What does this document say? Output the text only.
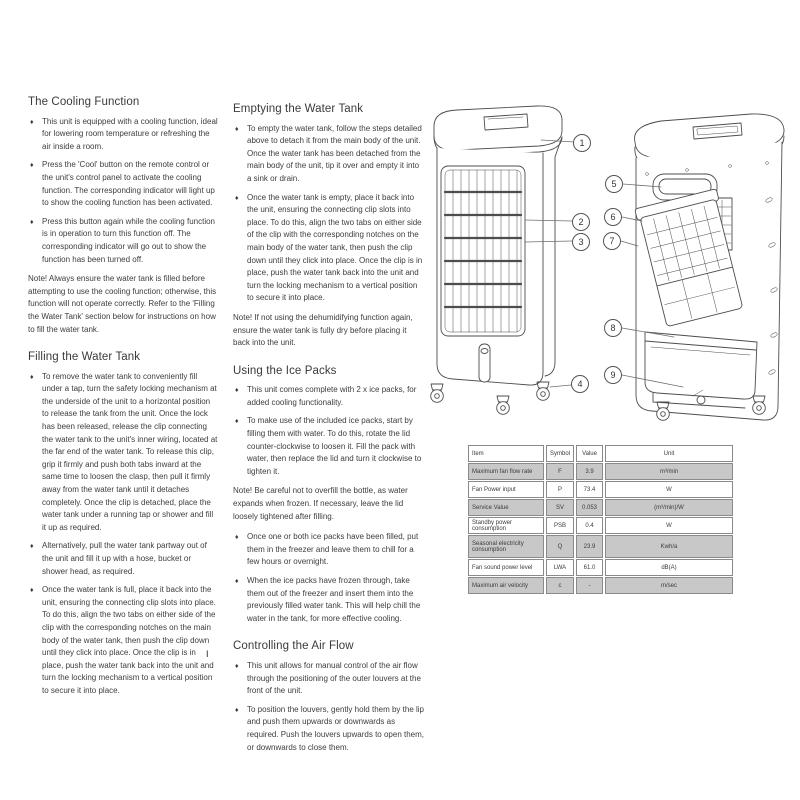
The Cooling Function
♦ This unit is equipped with a cooling function, ideal for lowering room temperature or refreshing the air inside a room.
♦ Press the 'Cool' button on the remote control or the unit's control panel to activate the cooling function. The corresponding indicator will light up to show the cooling function has been activated.
♦ Press this button again while the cooling function is in operation to turn this function off. The corresponding indicator will go out to show the function has been turned off.

Note! Always ensure the water tank is filled before attempting to use the cooling function; otherwise, this function will not operate correctly. Refer to the 'Filling the Water Tank' section below for instructions on how to fill the water tank.

Filling the Water Tank
♦ To remove the water tank to conveniently fill under a tap, turn the safety locking mechanism at the underside of the unit to a horizontal position to release the tank from the unit. Once the lock has been released, release the clip connecting the water tank to the unit's inner wiring, located at the far end of the water tank. To release this clip, grip it firmly and push both tabs inward at the same time to loosen the clasp, then pull it firmly away from the water tank until it detaches completely. Once the clip is detached, place the water tank under a running tap or shower and fill it up as required.
♦ Alternatively, pull the water tank partway out of the unit and fill it up with a hose, bucket or shower head, as required.
♦ Once the water tank is full, place it back into the unit, ensuring the connecting clip slots into place. To do this, align the two tabs on either side of the clip with the corresponding notches on the main body of the water tank, then push the clip down until they click into place. Once the clip is in place, push the water tank back into the unit and turn the locking mechanism to a vertical position to secure it into place.
Emptying the Water Tank
♦ To empty the water tank, follow the steps detailed above to detach it from the main body of the unit. Once the water tank has been detached from the main body of the unit, tip it over and empty it into a sink or drain.
♦ Once the water tank is empty, place it back into the unit, ensuring the connecting clip slots into place. To do this, align the two tabs on either side of the clip with the corresponding notches on the main body of the water tank, then push the clip down until they click into place. Once the clip is in place, push the water tank back into the unit and turn the locking mechanism to a vertical position to secure it into place.

Note! If not using the dehumidifying function again, ensure the water tank is fully dry before placing it back into the unit.

Using the Ice Packs
♦ This unit comes complete with 2 x ice packs, for added cooling functionality.
♦ To make use of the included ice packs, start by filling them with water. To do this, rotate the lid counter-clockwise to loosen it. Fill the pack with water, then replace the lid and turn it clockwise to tighten it.

Note! Be careful not to overfill the bottle, as water expands when frozen. If necessary, leave the lid loosely tightened after filling.

♦ Once one or both ice packs have been filled, put them in the freezer and leave them to chill for a few hours or overnight.
♦ When the ice packs have frozen through, take them out of the freezer and insert them into the previously filled water tank. This will help chill the water in the tank, for more effective cooling.
Controlling the Air Flow
♦ This unit allows for manual control of the air flow through the positioning of the outer louvers at the front of the unit.
♦ To position the louvers, gently hold them by the lip and push them upwards or downwards as required. Push the louvers upwards to open them, or downwards to close them.
1
2
3
4
5
6
7
8
9
Item	Symbol	Value	Unit
Maximum fan flow rate	F	3.9	m³/min
Fan Power input	P	73.4	W
Service Value	SV	0.053	(m³/min)/W
Standby power consumption	PSB	0.4	W
Seasonal electricity consumption	Q	23.9	Kwh/a
Fan sound power level	LWA	61.0	dB(A)
Maximum air velocity	c	-	m/sec
I
